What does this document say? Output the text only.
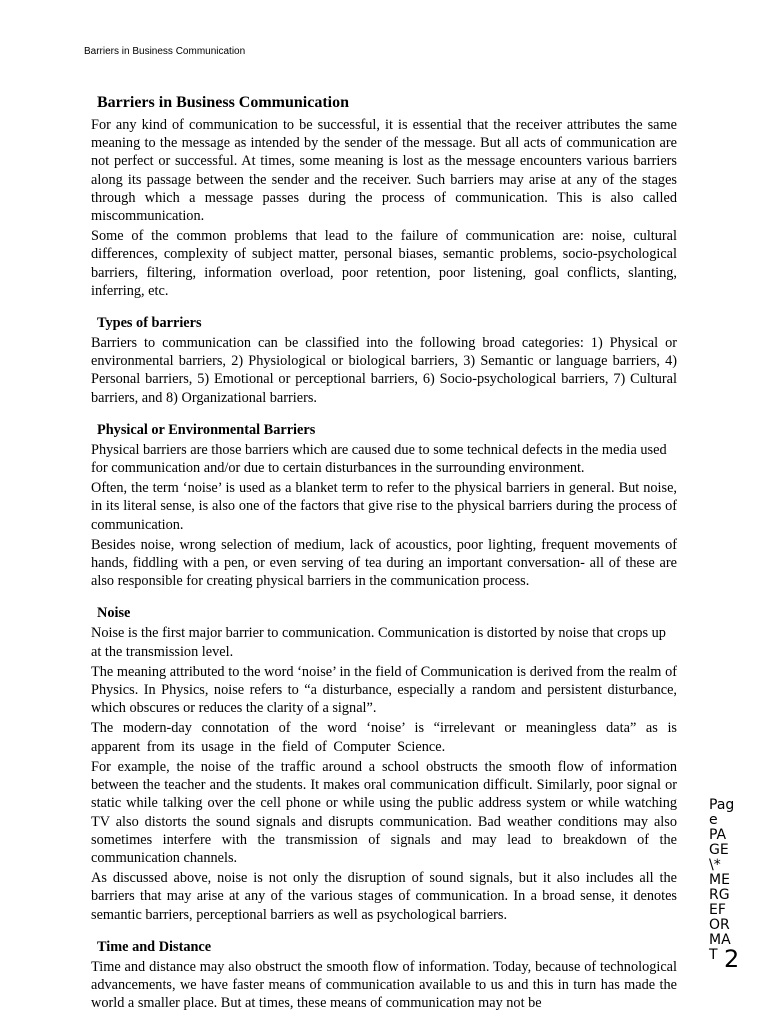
Barriers in Business Communication
Barriers in Business Communication

For any kind of communication to be successful, it is essential that the receiver attributes the same meaning to the message as intended by the sender of the message. But all acts of communication are not perfect or successful. At times, some meaning is lost as the message encounters various barriers along its passage between the sender and the receiver. Such barriers may arise at any of the stages through which a message passes during the process of communication. This is also called miscommunication.

Some of the common problems that lead to the failure of communication are: noise, cultural differences, complexity of subject matter, personal biases, semantic problems, socio-psychological barriers, filtering, information overload, poor retention, poor listening, goal conflicts, slanting, inferring, etc.

Types of barriers

Barriers to communication can be classified into the following broad categories: 1) Physical or environmental barriers, 2) Physiological or biological barriers, 3) Semantic or language barriers, 4) Personal barriers, 5) Emotional or perceptional barriers, 6) Socio-psychological barriers, 7) Cultural barriers, and 8) Organizational barriers.

Physical or Environmental Barriers

Physical barriers are those barriers which are caused due to some technical defects in the media used for communication and/or due to certain disturbances in the surrounding environment.

Often, the term ‘noise’ is used as a blanket term to refer to the physical barriers in general. But noise, in its literal sense, is also one of the factors that give rise to the physical barriers during the process of communication.

Besides noise, wrong selection of medium, lack of acoustics, poor lighting, frequent movements of hands, fiddling with a pen, or even serving of tea during an important conversation- all of these are also responsible for creating physical barriers in the communication process.

Noise

Noise is the first major barrier to communication. Communication is distorted by noise that crops up at the transmission level.

The meaning attributed to the word ‘noise’ in the field of Communication is derived from the realm of Physics. In Physics, noise refers to “a disturbance, especially a random and persistent disturbance, which obscures or reduces the clarity of a signal”.

The modern-day connotation of the word ‘noise’ is “irrelevant or meaningless data” as is apparent from its usage in the field of Computer Science.

For example, the noise of the traffic around a school obstructs the smooth flow of information between the teacher and the students. It makes oral communication difficult. Similarly, poor signal or static while talking over the cell phone or while using the public address system or while watching TV also distorts the sound signals and disrupts communication. Bad weather conditions may also sometimes interfere with the transmission of signals and may lead to breakdown of the communication channels.

As discussed above, noise is not only the disruption of sound signals, but it also includes all the barriers that may arise at any of the various stages of communication. In a broad sense, it denotes semantic barriers, perceptional barriers as well as psychological barriers.

Time and Distance

Time and distance may also obstruct the smooth flow of information. Today, because of technological advancements, we have faster means of communication available to us and this in turn has made the world a smaller place. But at times, these means of communication may not be

Pag
e
PA
GE
\*
ME
RG
EF
OR
MA
T 2
